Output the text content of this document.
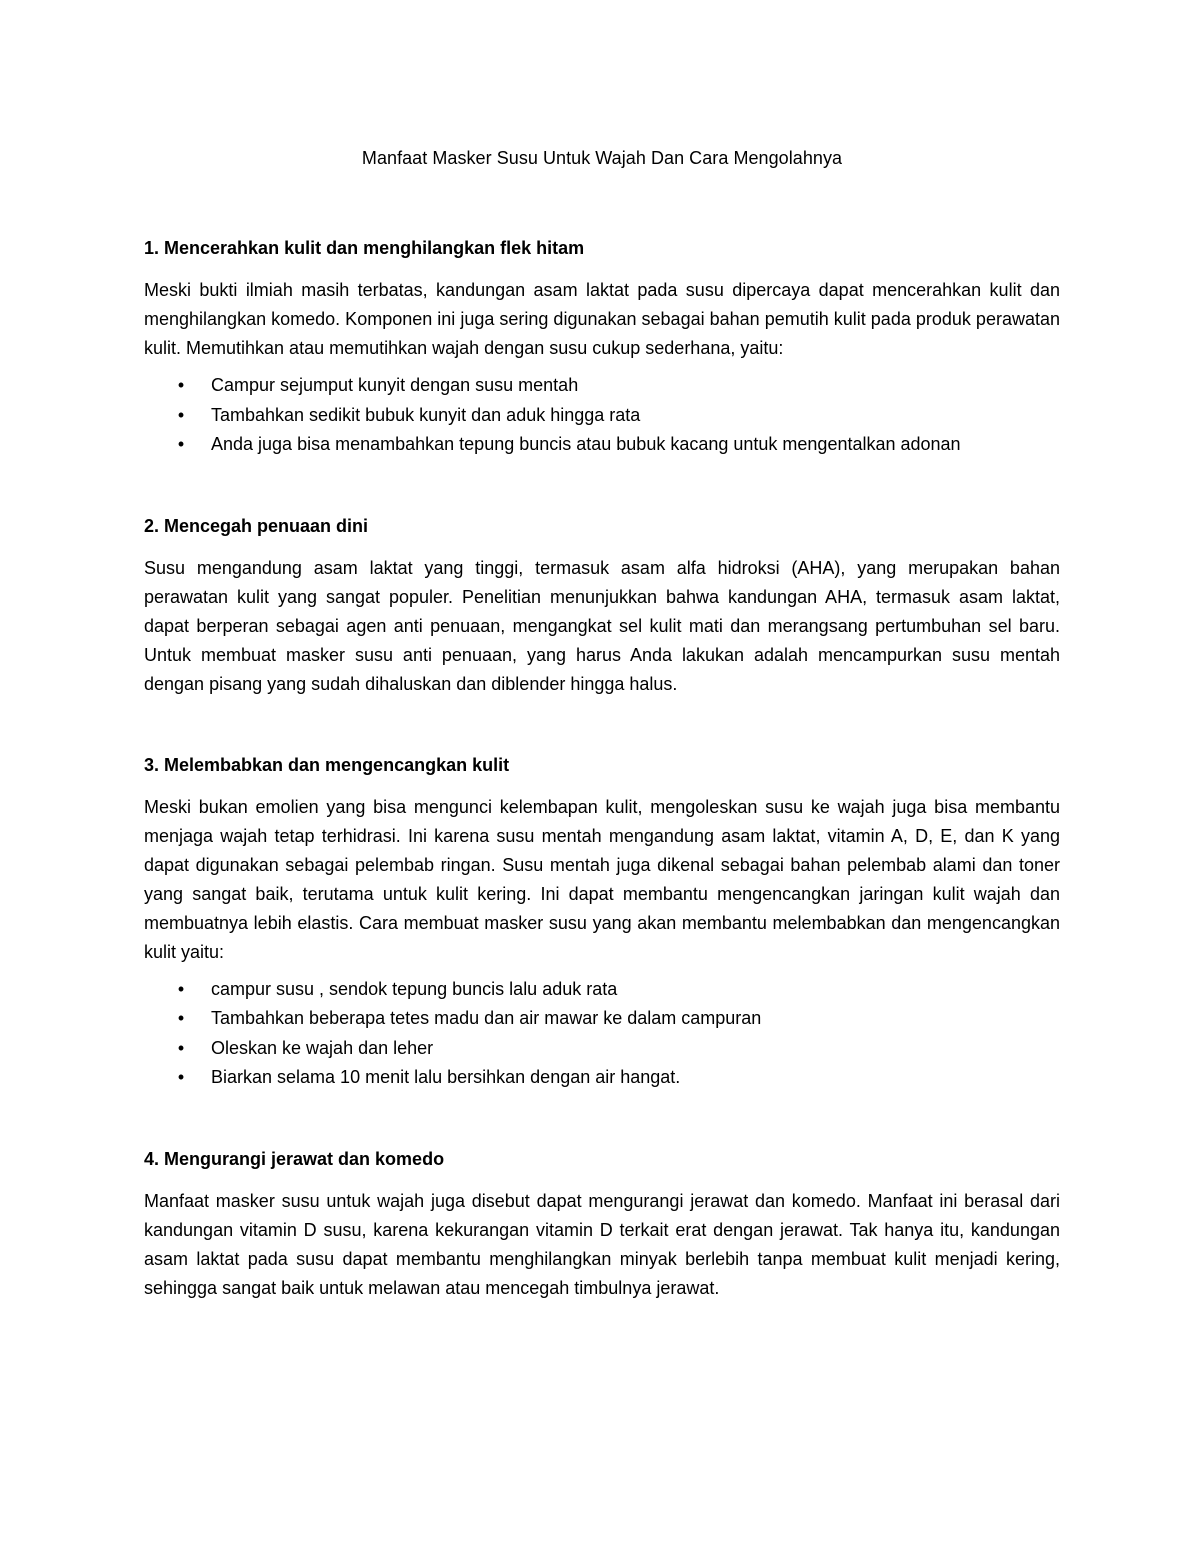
Manfaat Masker Susu Untuk Wajah Dan Cara Mengolahnya
1. Mencerahkan kulit dan menghilangkan flek hitam

Meski bukti ilmiah masih terbatas, kandungan asam laktat pada susu dipercaya dapat mencerahkan kulit dan menghilangkan komedo. Komponen ini juga sering digunakan sebagai bahan pemutih kulit pada produk perawatan kulit. Memutihkan atau memutihkan wajah dengan susu cukup sederhana, yaitu:

• Campur sejumput kunyit dengan susu mentah
• Tambahkan sedikit bubuk kunyit dan aduk hingga rata
• Anda juga bisa menambahkan tepung buncis atau bubuk kacang untuk mengentalkan adonan
2. Mencegah penuaan dini

Susu mengandung asam laktat yang tinggi, termasuk asam alfa hidroksi (AHA), yang merupakan bahan perawatan kulit yang sangat populer. Penelitian menunjukkan bahwa kandungan AHA, termasuk asam laktat, dapat berperan sebagai agen anti penuaan, mengangkat sel kulit mati dan merangsang pertumbuhan sel baru. Untuk membuat masker susu anti penuaan, yang harus Anda lakukan adalah mencampurkan susu mentah dengan pisang yang sudah dihaluskan dan diblender hingga halus.

3. Melembabkan dan mengencangkan kulit

Meski bukan emolien yang bisa mengunci kelembapan kulit, mengoleskan susu ke wajah juga bisa membantu menjaga wajah tetap terhidrasi. Ini karena susu mentah mengandung asam laktat, vitamin A, D, E, dan K yang dapat digunakan sebagai pelembab ringan. Susu mentah juga dikenal sebagai bahan pelembab alami dan toner yang sangat baik, terutama untuk kulit kering. Ini dapat membantu mengencangkan jaringan kulit wajah dan membuatnya lebih elastis. Cara membuat masker susu yang akan membantu melembabkan dan mengencangkan kulit yaitu:

• campur susu , sendok tepung buncis lalu aduk rata
• Tambahkan beberapa tetes madu dan air mawar ke dalam campuran
• Oleskan ke wajah dan leher
• Biarkan selama 10 menit lalu bersihkan dengan air hangat.
4. Mengurangi jerawat dan komedo

Manfaat masker susu untuk wajah juga disebut dapat mengurangi jerawat dan komedo. Manfaat ini berasal dari kandungan vitamin D susu, karena kekurangan vitamin D terkait erat dengan jerawat. Tak hanya itu, kandungan asam laktat pada susu dapat membantu menghilangkan minyak berlebih tanpa membuat kulit menjadi kering, sehingga sangat baik untuk melawan atau mencegah timbulnya jerawat.
